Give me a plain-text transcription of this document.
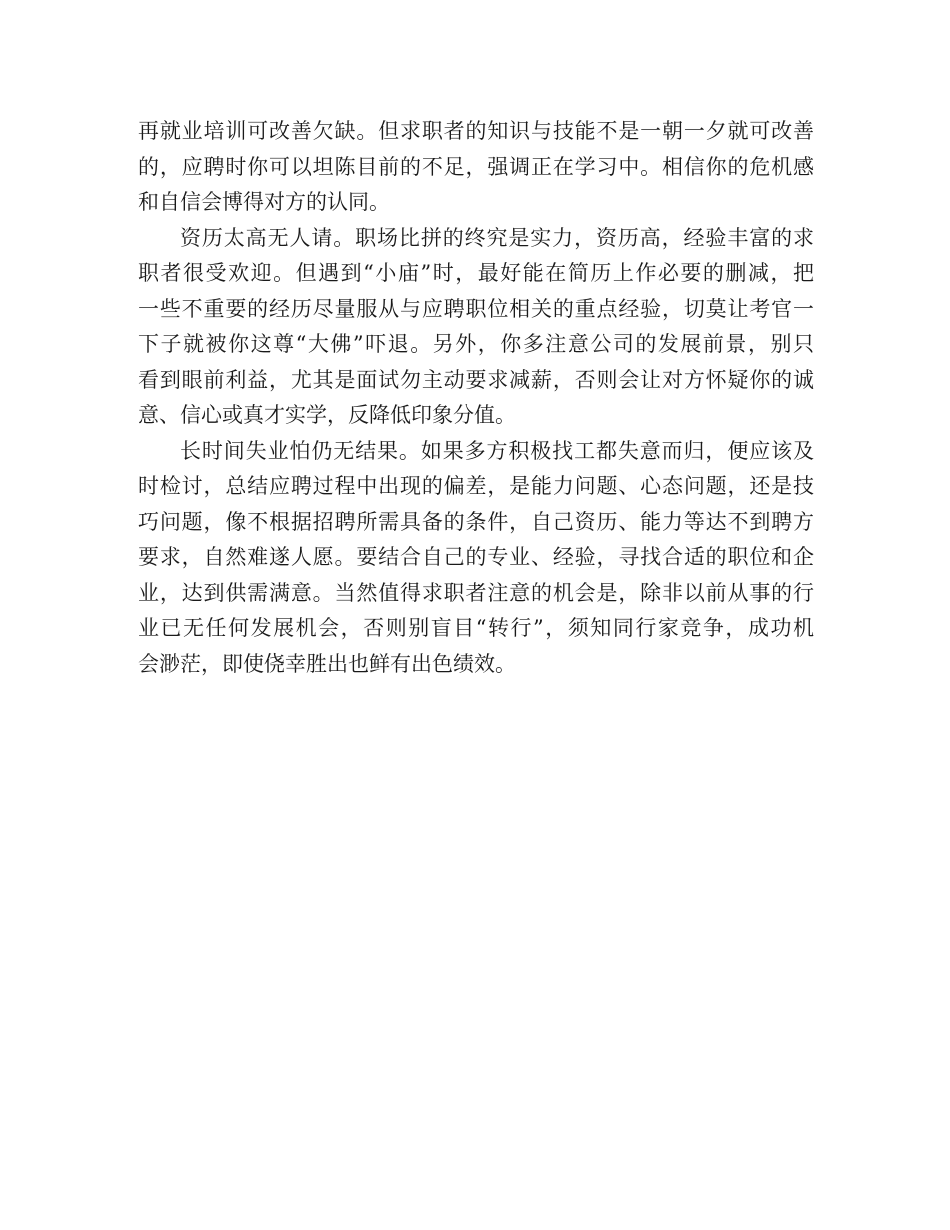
再就业培训可改善欠缺。但求职者的知识与技能不是一朝一夕就可改善
的，应聘时你可以坦陈目前的不足，强调正在学习中。相信你的危机感
和自信会博得对方的认同。
资历太高无人请。职场比拼的终究是实力，资历高，经验丰富的求
职者很受欢迎。但遇到“小庙”时，最好能在简历上作必要的删减，把
一些不重要的经历尽量服从与应聘职位相关的重点经验，切莫让考官一
下子就被你这尊“大佛”吓退。另外，你多注意公司的发展前景，别只
看到眼前利益，尤其是面试勿主动要求减薪，否则会让对方怀疑你的诚
意、信心或真才实学，反降低印象分值。
长时间失业怕仍无结果。如果多方积极找工都失意而归，便应该及
时检讨，总结应聘过程中出现的偏差，是能力问题、心态问题，还是技
巧问题，像不根据招聘所需具备的条件，自己资历、能力等达不到聘方
要求，自然难遂人愿。要结合自己的专业、经验，寻找合适的职位和企
业，达到供需满意。当然值得求职者注意的机会是，除非以前从事的行
业已无任何发展机会，否则别盲目“转行”，须知同行家竞争，成功机
会渺茫，即使侥幸胜出也鲜有出色绩效。
